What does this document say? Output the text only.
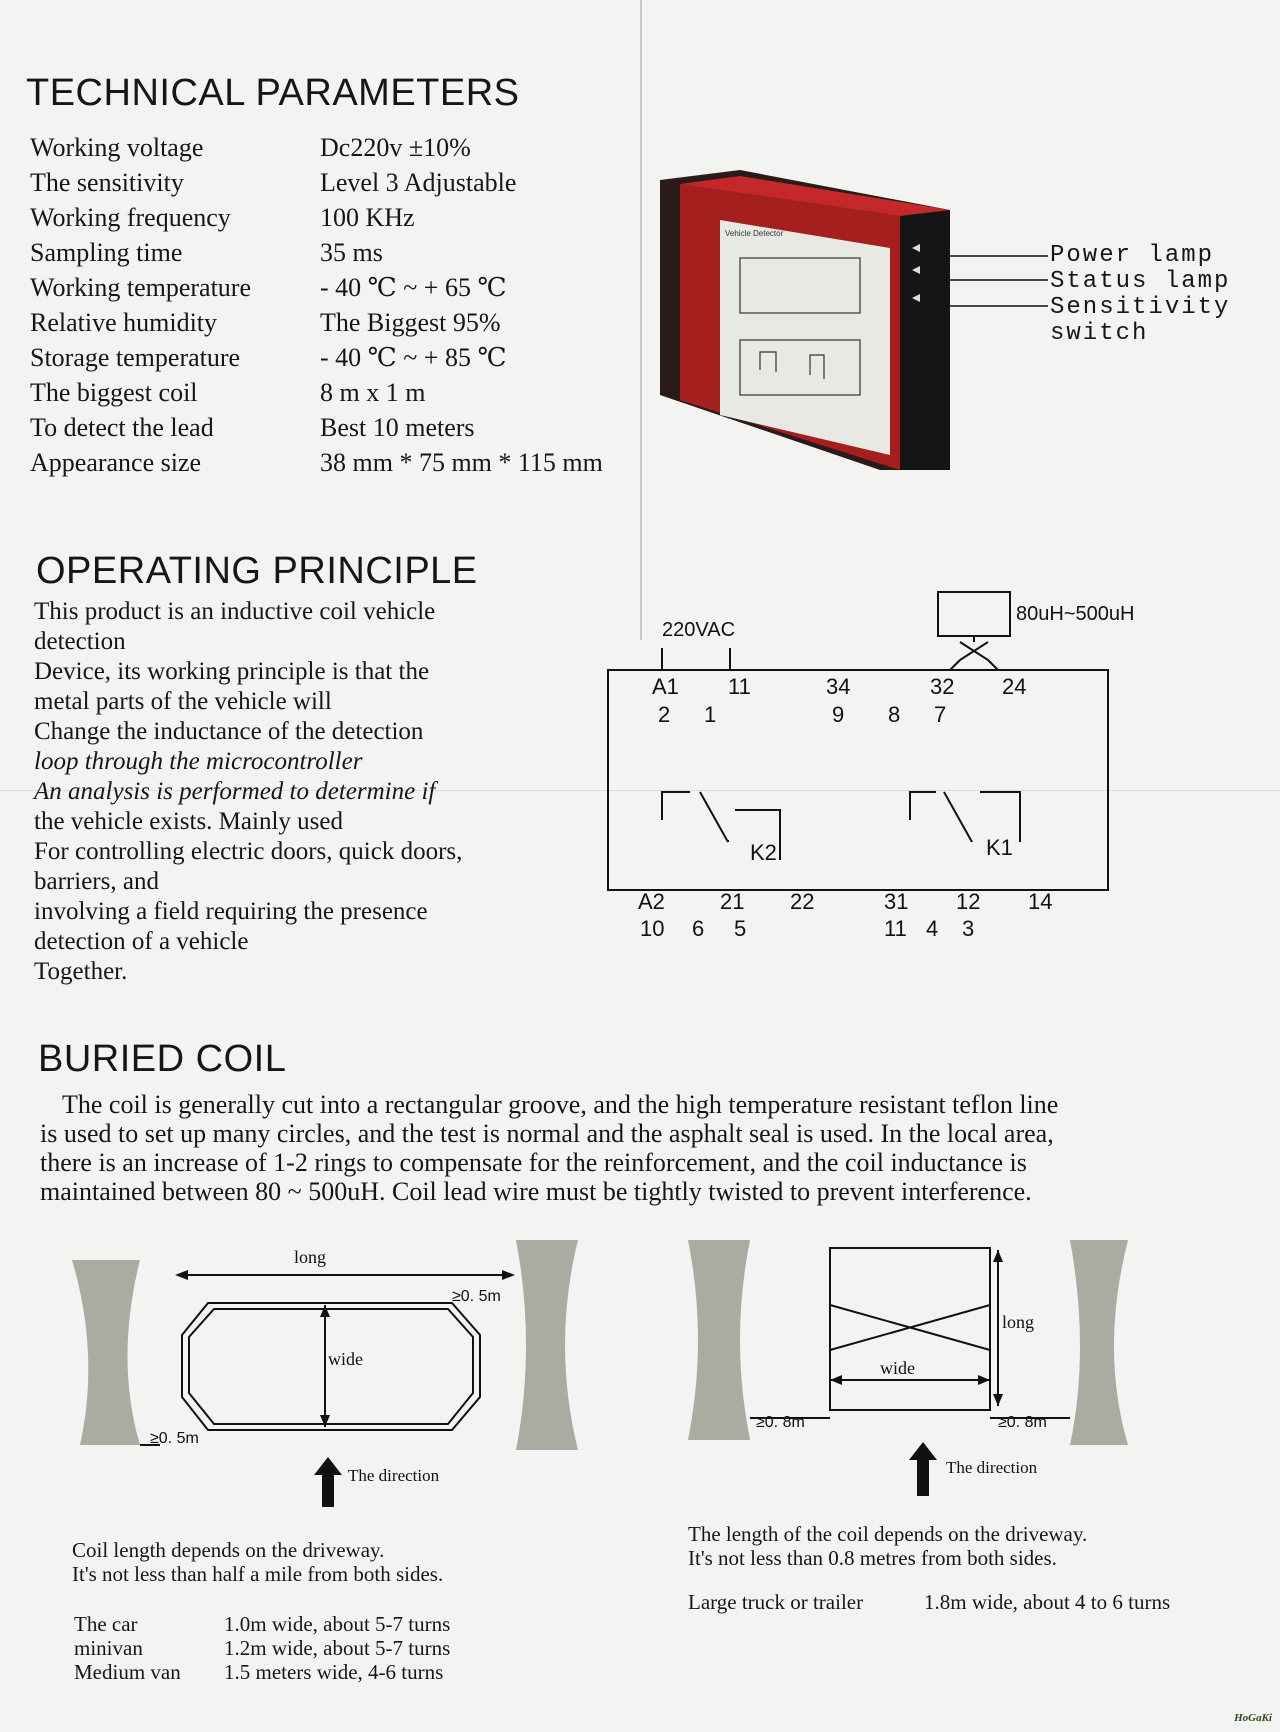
TECHNICAL PARAMETERS
Working voltage	Dc220v ±10%
The sensitivity	Level 3 Adjustable
Working frequency	100 KHz
Sampling time	35 ms
Working temperature	- 40 ℃ ~ + 65 ℃
Relative humidity	The Biggest 95%
Storage temperature	- 40 ℃ ~ + 85 ℃
The biggest coil	8 m x 1 m
To detect the lead	Best 10 meters
Appearance size	38 mm * 75 mm * 115 mm
Vehicle Detector
Power lamp
Status lamp
Sensitivity
switch
OPERATING PRINCIPLE
This product is an inductive coil vehicle
detection
Device, its working principle is that the
metal parts of the vehicle will
Change the inductance of the detection
loop through the microcontroller
An analysis is performed to determine if
the vehicle exists. Mainly used
For controlling electric doors, quick doors,
barriers, and
involving a field requiring the presence
detection of a vehicle
Together.
220VAC
80uH~500uH
A1 11	34	32 24
2 1	9 8 7
A2	21 22	31 12 14
10 6 5	11 4 3
K2	K1
BURIED COIL

The coil is generally cut into a rectangular groove, and the high temperature resistant teflon line

is used to set up many circles, and the test is normal and the asphalt seal is used. In the local area,

there is an increase of 1-2 rings to compensate for the reinforcement, and the coil inductance is

maintained between 80 ~ 500uH. Coil lead wire must be tightly twisted to prevent interference.

long
wide
≥0. 5m
≥0. 5m
The direction
long
wide
≥0. 8m	≥0. 8m
The direction

Coil length depends on the driveway.

It's not less than half a mile from both sides.

The car	1.0m wide, about 5-7 turns
minivan	1.2m wide, about 5-7 turns
Medium van	1.5 meters wide, 4-6 turns

The length of the coil depends on the driveway.

It's not less than 0.8 metres from both sides.

Large truck or trailer	1.8m wide, about 4 to 6 turns
HoGaKi
